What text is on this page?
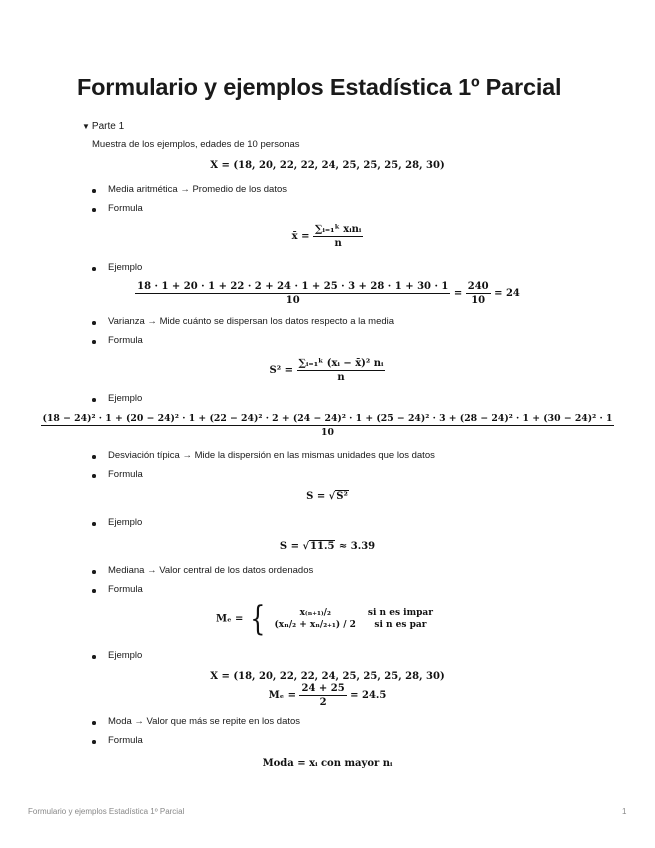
Formulario y ejemplos Estadística 1º Parcial
▼ Parte 1
Muestra de los ejemplos, edades de 10 personas
X = (18, 20, 22, 22, 24, 25, 25, 25, 28, 30)
Media aritmética → Promedio de los datos
Formula
x̄ = $\frac{\text{∑ᵢ₌₁ᵏ xᵢnᵢ}}{n}$
Ejemplo
$\frac{18 \cdot 1 + 20 \cdot 1 + 22 \cdot 2 + 24 \cdot 1 + 25 \cdot 3 + 28 \cdot 1 + 30 \cdot 1}{10} = \frac{240}{10} = 24$
Varianza → Mide cuánto se dispersan los datos respecto a la media
Formula
$S^2 = \frac{\text{∑ᵢ₌₁ᵏ (xᵢ − x̄)² nᵢ}}{n}$
Ejemplo
(18 − 24)² · 1 + (20 − 24)² · 1 + (22 − 24)² · 2 + (24 − 24)² · 1 + (25 − 24)² · 3 + (28 − 24)² · 1 + (30 − 24)² · 1
10
Desviación típica → Mide la dispersión en las mismas unidades que los datos
Formula
S = √S²
Ejemplo
S = √11.5 ≈ 3.39
Mediana → Valor central de los datos ordenados
Formula
Mₑ = {	x₍ₙ₊₁₎/₂	si n es impar
(xₙ/₂ + xₙ/₂₊₁) / 2	si n es par
Ejemplo
X = (18, 20, 22, 22, 24, 25, 25, 25, 28, 30)
$M_e = \frac{24 + 25}{2} = 24.5$
Moda → Valor que más se repite en los datos
Formula
Moda = xᵢ con mayor nᵢ
Formulario y ejemplos Estadística 1º Parcial	1
